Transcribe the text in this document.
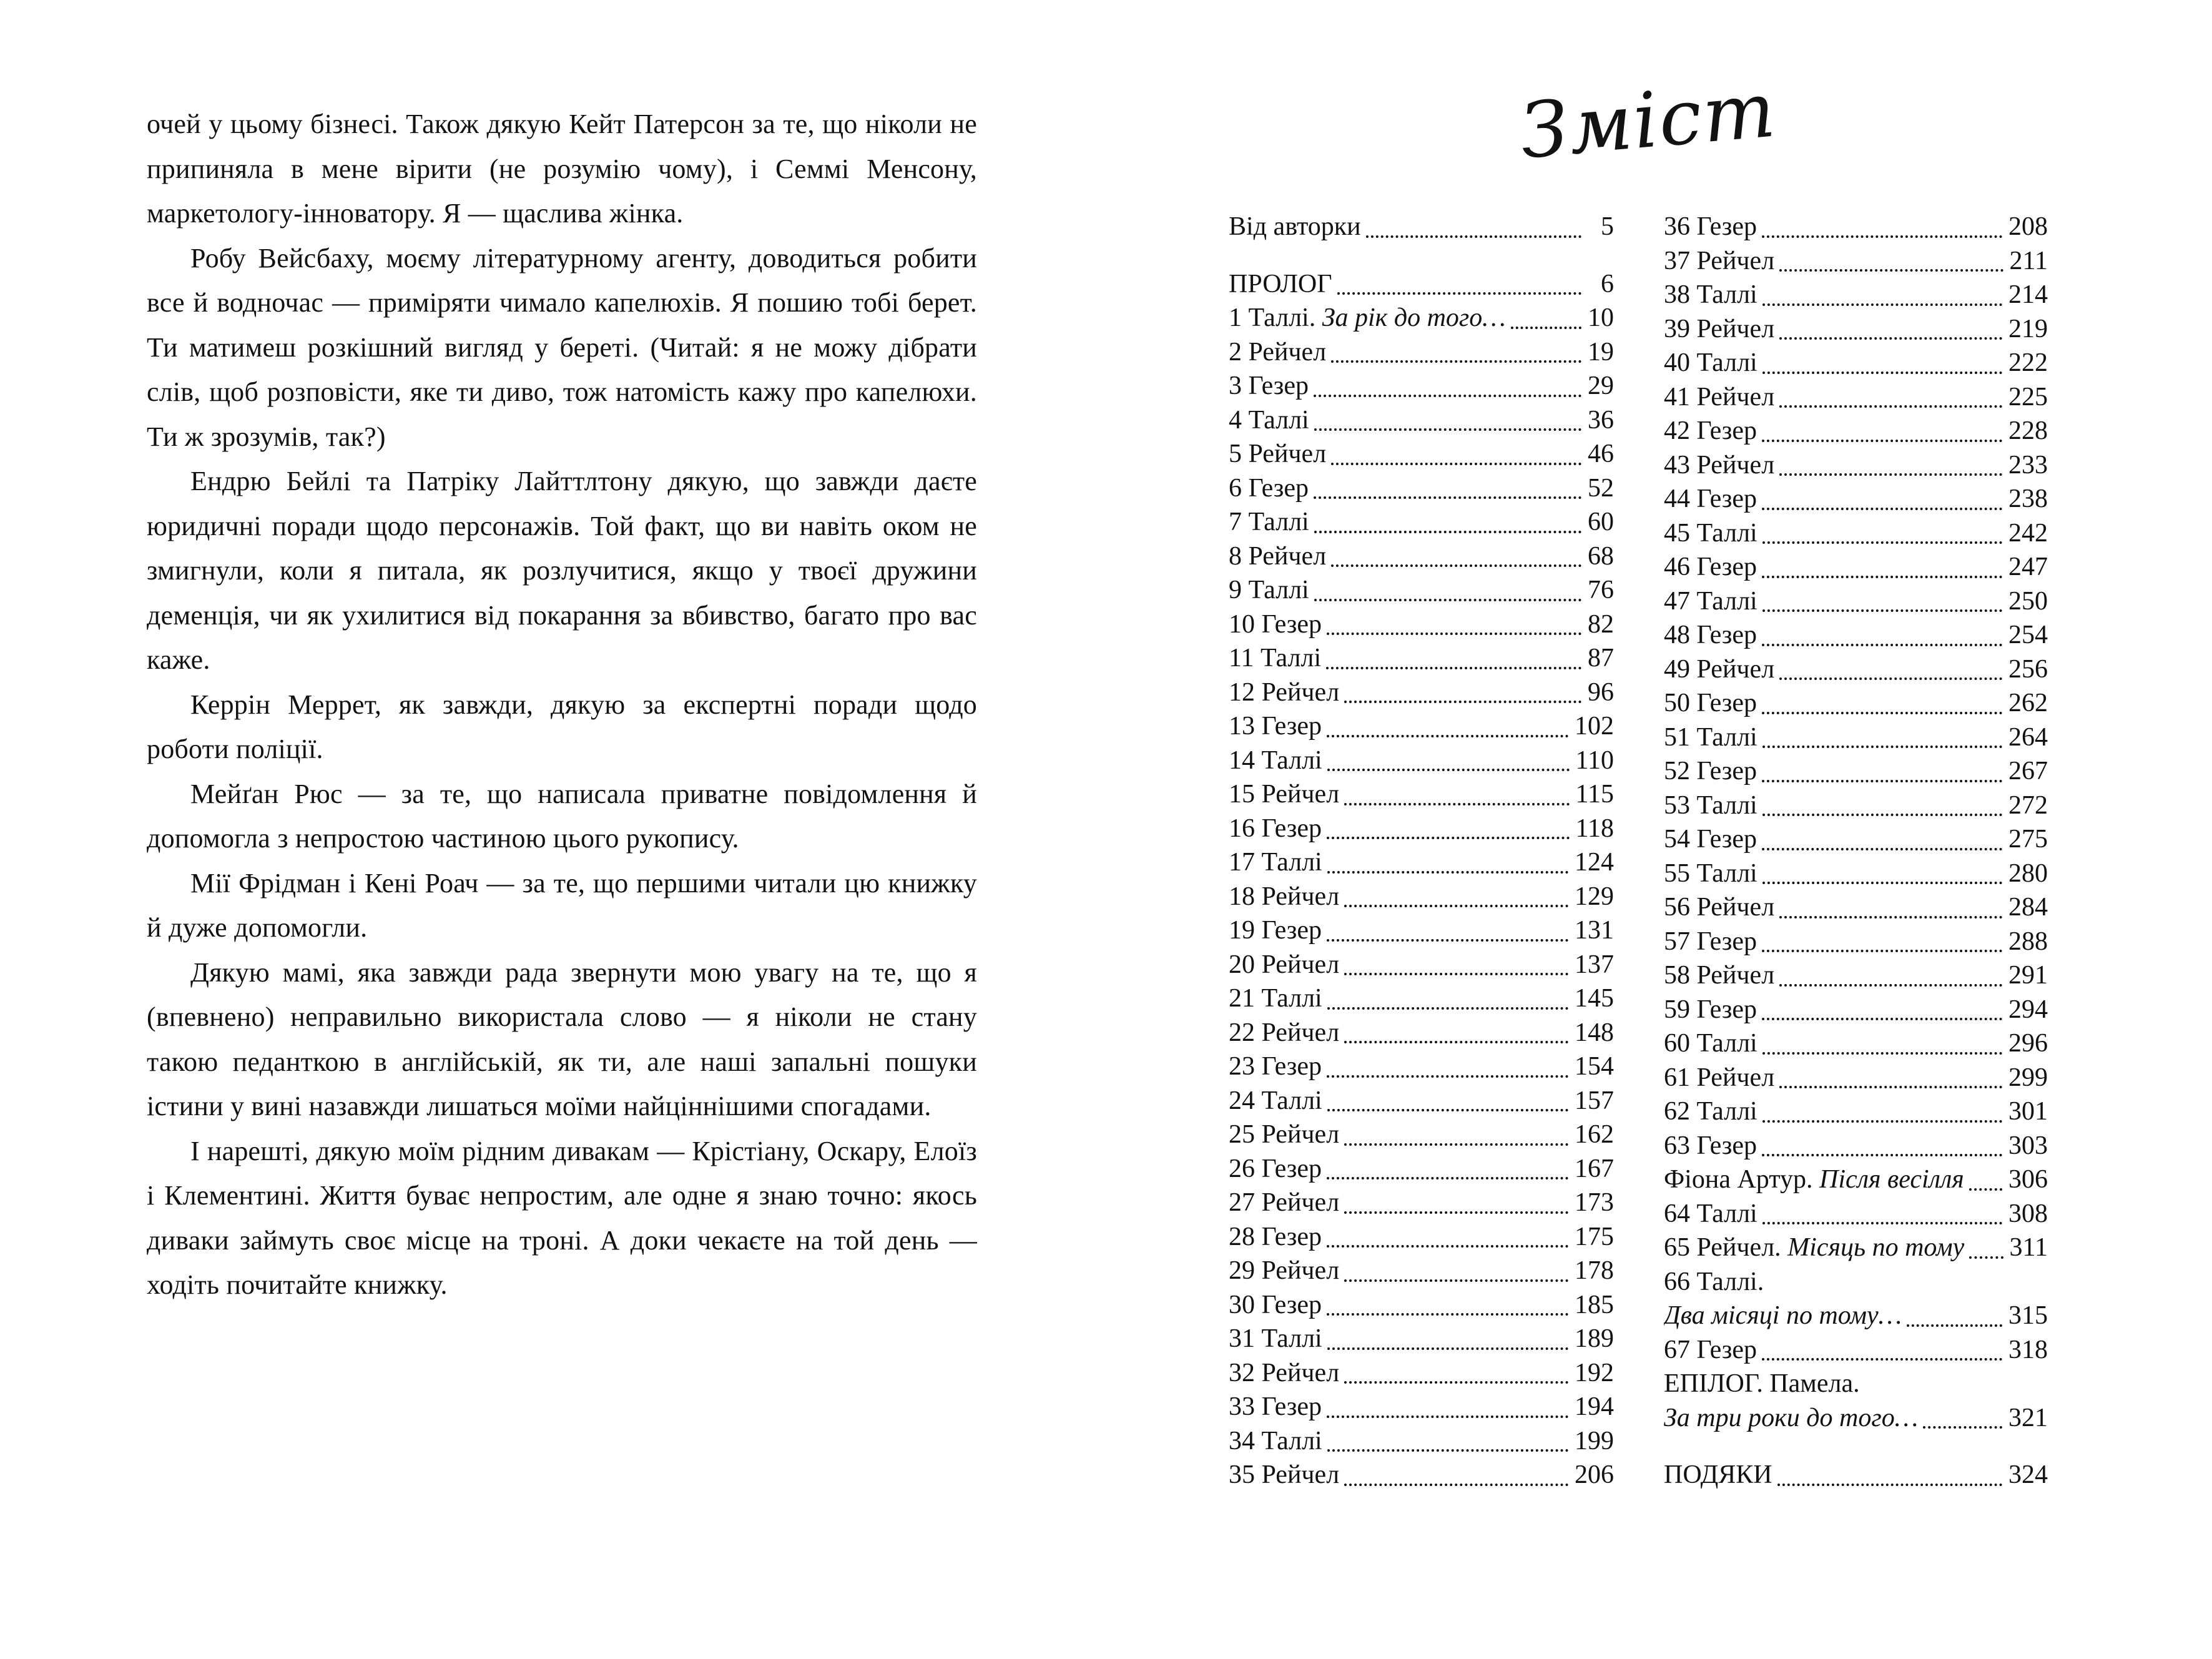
очей у цьому бізнесі. Також дякую Кейт Патерсон за те, що ніколи не припиняла в мене вірити (не розумію чому), і Семмі Менсону, маркетологу-інноватору. Я — щаслива жінка.

Робу Вейсбаху, моєму літературному агенту, доводиться робити все й водночас — приміряти чимало капелюхів. Я пошию тобі берет. Ти матимеш розкішний вигляд у береті. (Читай: я не можу дібрати слів, щоб розповісти, яке ти диво, тож натомість кажу про капелюхи. Ти ж зрозумів, так?)

Ендрю Бейлі та Патріку Лайттлтону дякую, що завжди даєте юридичні поради щодо персонажів. Той факт, що ви навіть оком не змигнули, коли я питала, як розлучитися, якщо у твоєї дружини деменція, чи як ухилитися від покарання за вбивство, багато про вас каже.

Керрін Меррет, як завжди, дякую за експертні поради щодо роботи поліції.

Мейґан Рюс — за те, що написала приватне повідомлення й допомогла з непростою частиною цього рукопису.

Мії Фрідман і Кені Роач — за те, що першими читали цю книжку й дуже допомогли.

Дякую мамі, яка завжди рада звернути мою увагу на те, що я (впевнено) неправильно використала слово — я ніколи не стану такою педанткою в англійській, як ти, але наші запальні пошуки істини у вині назавжди лишаться моїми найціннішими спогадами.

І нарешті, дякую моїм рідним дивакам — Крістіану, Оскару, Елоїз і Клементині. Життя буває непростим, але одне я знаю точно: якось диваки займуть своє місце на троні. А доки чекаєте на той день — ходіть почитайте книжку.

Зміст
Від авторки	5
ПРОЛОГ	6
1 Таллі. За рік до того…	10
2 Рейчел	19
3 Гезер	29
4 Таллі	36
5 Рейчел	46
6 Гезер	52
7 Таллі	60
8 Рейчел	68
9 Таллі	76
10 Гезер	82
11 Таллі	87
12 Рейчел	96
13 Гезер	102
14 Таллі	110
15 Рейчел	115
16 Гезер	118
17 Таллі	124
18 Рейчел	129
19 Гезер	131
20 Рейчел	137
21 Таллі	145
22 Рейчел	148
23 Гезер	154
24 Таллі	157
25 Рейчел	162
26 Гезер	167
27 Рейчел	173
28 Гезер	175
29 Рейчел	178
30 Гезер	185
31 Таллі	189
32 Рейчел	192
33 Гезер	194
34 Таллі	199
35 Рейчел	206
36 Гезер	208
37 Рейчел	211
38 Таллі	214
39 Рейчел	219
40 Таллі	222
41 Рейчел	225
42 Гезер	228
43 Рейчел	233
44 Гезер	238
45 Таллі	242
46 Гезер	247
47 Таллі	250
48 Гезер	254
49 Рейчел	256
50 Гезер	262
51 Таллі	264
52 Гезер	267
53 Таллі	272
54 Гезер	275
55 Таллі	280
56 Рейчел	284
57 Гезер	288
58 Рейчел	291
59 Гезер	294
60 Таллі	296
61 Рейчел	299
62 Таллі	301
63 Гезер	303
Фіона Артур. Після весілля 306
64 Таллі	308
65 Рейчел. Місяць по тому 311
66 Таллі.
Два місяці по тому…	315
67 Гезер	318
ЕПІЛОГ. Памела.
За три роки до того…	321
ПОДЯКИ	324
